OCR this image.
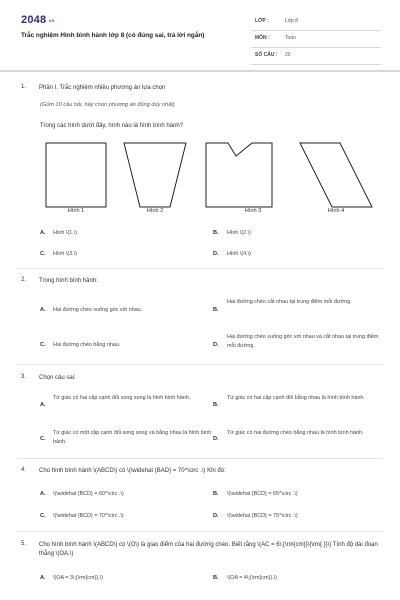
$2048^{.VN}$
Trắc nghiệm Hình bình hành lớp 8 (có đúng sai, trả lời ngắn)
LỚP :	Lớp 8
MÔN :	Toán
SỐ CÂU : 20
1. Phần I. Trắc nghiệm nhiều phương án lựa chọn
(Gồm 10 câu hỏi, hãy chọn phương án đúng duy nhất)
Trong các hình dưới đây, hình nào là hình bình hành?
Hình 1	Hình 2	Hình 3	Hình 4
A. Hình \(1.\)	B. Hình \(2.\)
C. Hình \(3.\)	D. Hình \(4.\)
2. Trong hình bình hành:
A. Hai đường chéo vuông góc với nhau.	B.
Hai đường chéo cắt nhau tại trung điểm mỗi đường.
C. Hai đường chéo bằng nhau.	D.
Hai đường chéo vuông góc với nhau và cắt nhau tại trung điểm mỗi đường.
3. Chọn câu sai:
A.
Tứ giác có hai cặp cạnh đối song song là hình bình hành.
B.
Tứ giác có hai cặp cạnh đối bằng nhau là hình bình hành.
C.
Tứ giác có một cặp cạnh đối song song và bằng nhau là hình bình hành.	D.
Tứ giác có hai đường chéo bằng nhau là hình bình hành.
4. Cho hình bình hành \(ABCD\) có \(\widehat {BAD} = 70^\circ .\) Khi đó:
A. \(\widehat {BCD} = 60^\circ .\)	B. \(\widehat {BCD} = 65^\circ .\)
C. \(\widehat {BCD} = 70^\circ .\)	D. \(\widehat {BCD} = 75^\circ .\)
5. Cho hình bình hành \(ABCD\) có \(O\) là giao điểm của hai đường chéo. Biết rằng \(AC = 6\;{\rm{cm}}\{\rm{.}}\) Tính độ dài đoạn thẳng \(OA.\)
A. \(OA = 3\;{\rm{cm}}.\)	B. \(OA = 4\;{\rm{cm}}.\)
